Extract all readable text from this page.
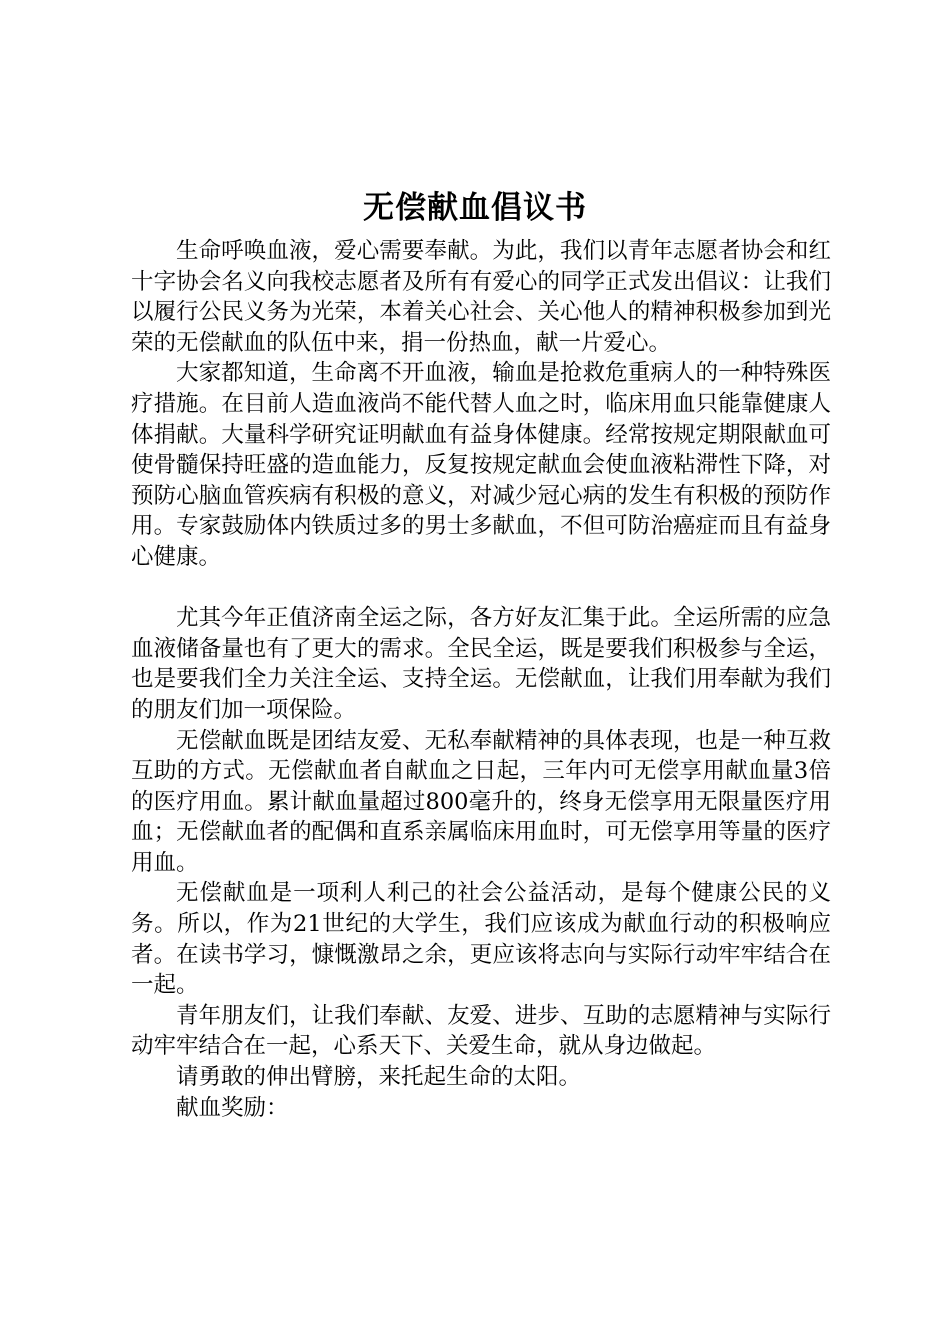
无偿献血倡议书

生命呼唤血液，爱心需要奉献。为此，我们以青年志愿者协会和红十字协会名义向我校志愿者及所有有爱心的同学正式发出倡议：让我们以履行公民义务为光荣，本着关心社会、关心他人的精神积极参加到光荣的无偿献血的队伍中来，捐一份热血，献一片爱心。

大家都知道，生命离不开血液，输血是抢救危重病人的一种特殊医疗措施。在目前人造血液尚不能代替人血之时，临床用血只能靠健康人体捐献。大量科学研究证明献血有益身体健康。经常按规定期限献血可使骨髓保持旺盛的造血能力，反复按规定献血会使血液粘滞性下降，对预防心脑血管疾病有积极的意义，对减少冠心病的发生有积极的预防作用。专家鼓励体内铁质过多的男士多献血，不但可防治癌症而且有益身心健康。

尤其今年正值济南全运之际，各方好友汇集于此。全运所需的应急血液储备量也有了更大的需求。全民全运，既是要我们积极参与全运，也是要我们全力关注全运、支持全运。无偿献血，让我们用奉献为我们的朋友们加一项保险。

无偿献血既是团结友爱、无私奉献精神的具体表现，也是一种互救互助的方式。无偿献血者自献血之日起，三年内可无偿享用献血量3倍的医疗用血。累计献血量超过800毫升的，终身无偿享用无限量医疗用血；无偿献血者的配偶和直系亲属临床用血时，可无偿享用等量的医疗用血。

无偿献血是一项利人利己的社会公益活动，是每个健康公民的义务。所以，作为21世纪的大学生，我们应该成为献血行动的积极响应者。在读书学习，慷慨激昂之余，更应该将志向与实际行动牢牢结合在一起。

青年朋友们，让我们奉献、友爱、进步、互助的志愿精神与实际行动牢牢结合在一起，心系天下、关爱生命，就从身边做起。

请勇敢的伸出臂膀，来托起生命的太阳。

献血奖励：
